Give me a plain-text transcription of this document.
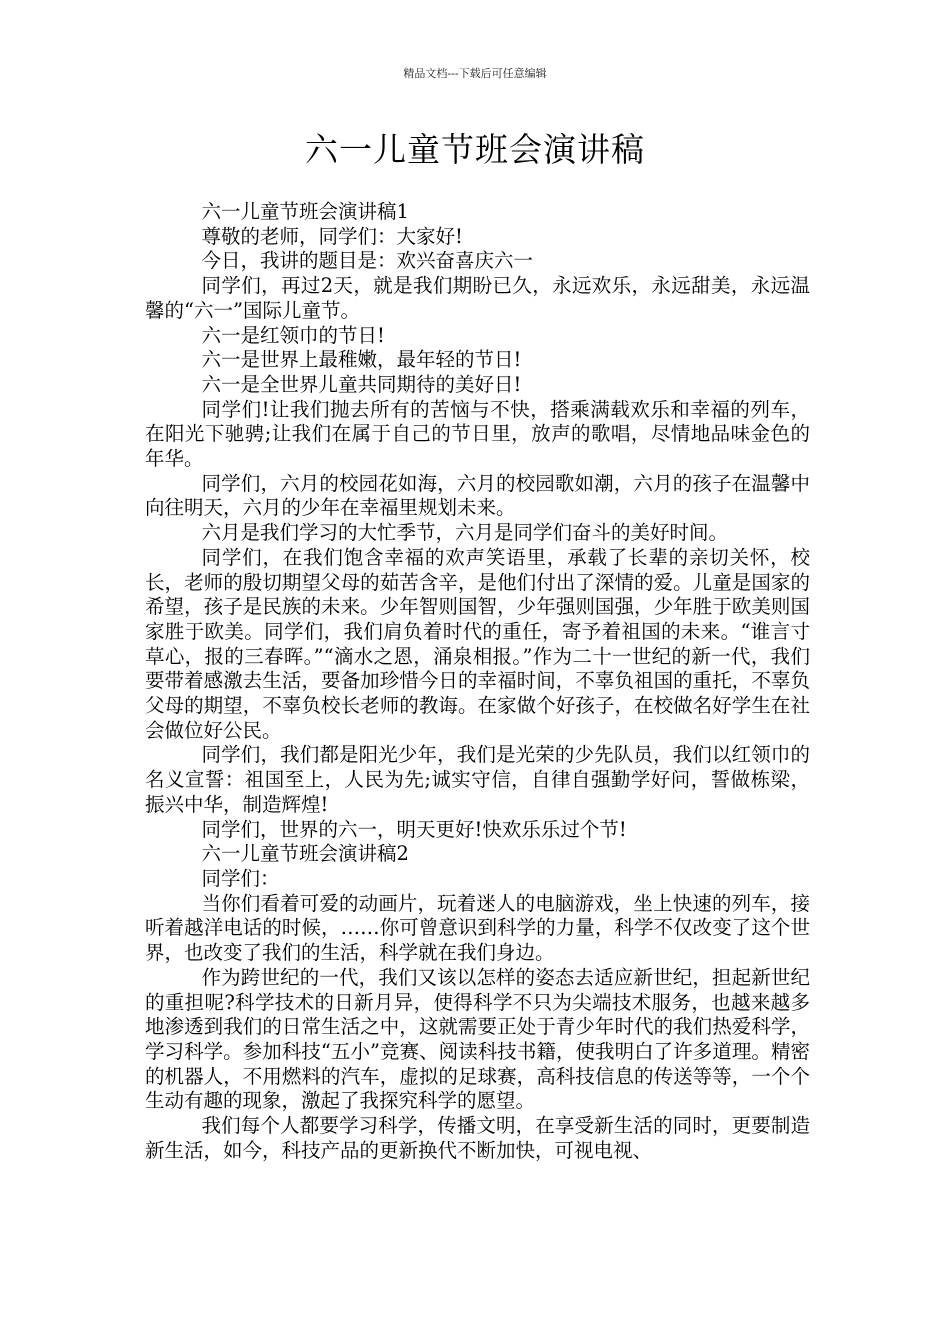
精品文档---下载后可任意编辑
六一儿童节班会演讲稿

六一儿童节班会演讲稿1

尊敬的老师，同学们：大家好!

今日，我讲的题目是：欢兴奋喜庆六一

同学们，再过2天，就是我们期盼已久，永远欢乐，永远甜美，永远温馨的“六一”国际儿童节。

六一是红领巾的节日!

六一是世界上最稚嫩，最年轻的节日!

六一是全世界儿童共同期待的美好日!

同学们!让我们抛去所有的苦恼与不快，搭乘满载欢乐和幸福的列车，在阳光下驰骋;让我们在属于自己的节日里，放声的歌唱，尽情地品味金色的年华。

同学们，六月的校园花如海，六月的校园歌如潮，六月的孩子在温馨中向往明天，六月的少年在幸福里规划未来。

六月是我们学习的大忙季节，六月是同学们奋斗的美好时间。

同学们，在我们饱含幸福的欢声笑语里，承载了长辈的亲切关怀，校长，老师的殷切期望父母的茹苦含辛，是他们付出了深情的爱。儿童是国家的希望，孩子是民族的未来。少年智则国智，少年强则国强，少年胜于欧美则国家胜于欧美。同学们，我们肩负着时代的重任，寄予着祖国的未来。“谁言寸草心，报的三春晖。”“滴水之恩，涌泉相报。”作为二十一世纪的新一代，我们要带着感激去生活，要备加珍惜今日的幸福时间，不辜负祖国的重托，不辜负父母的期望，不辜负校长老师的教诲。在家做个好孩子，在校做名好学生在社会做位好公民。

同学们，我们都是阳光少年，我们是光荣的少先队员，我们以红领巾的名义宣誓：祖国至上，人民为先;诚实守信，自律自强勤学好问，誓做栋梁，振兴中华，制造辉煌!

同学们，世界的六一，明天更好!快欢乐乐过个节!

六一儿童节班会演讲稿2

同学们：

当你们看着可爱的动画片，玩着迷人的电脑游戏，坐上快速的列车，接听着越洋电话的时候，……你可曾意识到科学的力量，科学不仅改变了这个世界，也改变了我们的生活，科学就在我们身边。

作为跨世纪的一代，我们又该以怎样的姿态去适应新世纪，担起新世纪的重担呢?科学技术的日新月异，使得科学不只为尖端技术服务，也越来越多地渗透到我们的日常生活之中，这就需要正处于青少年时代的我们热爱科学，学习科学。参加科技“五小”竞赛、阅读科技书籍，使我明白了许多道理。精密的机器人，不用燃料的汽车，虚拟的足球赛，高科技信息的传送等等，一个个生动有趣的现象，激起了我探究科学的愿望。

我们每个人都要学习科学，传播文明，在享受新生活的同时，更要制造新生活，如今，科技产品的更新换代不断加快，可视电视、
